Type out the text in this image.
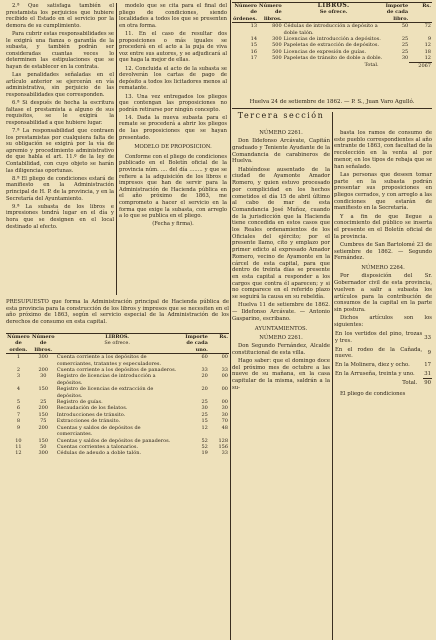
2.ª Que satisfaga también el prestamista los perjuicios que hubiere recibido el Estado en el servicio por la demora de su cumplimiento.

Para cubrir estas responsabilidades se le exigirá una fianza o garantía de la subasta, y también podrán ser consideradas cuantas veces lo determinen las estipulaciones que se hayan de establecer en la contrata.

Las penalidades señaladas en el artículo anterior se ejercerán en vía administrativa, sin perjuicio de las responsabilidades que corresponden.

6.ª Si después de hecha la escritura faltase el prestamista a alguno de sus requisitos, se le exigirá la responsabilidad a que hubiere lugar.

7.ª La responsabilidad que contraen los prestamistas por cualquiera falta de su obligación se exigirá por la vía de apremio y procedimiento administrativo de que habla el art. 11.º de la ley de Contabilidad, con cuyo objeto se harán las diligencias oportunas.

8.ª El pliego de condiciones estará de manifiesto en la Administración principal de H. P. de la provincia, y en la Secretaría del Ayuntamiento.

9.ª La subasta de los libros e impresiones tendrá lugar en el día y hora que se designen en el local destinado al efecto.

modelo que se cita para el final del pliego de condiciones, siendo localidades a todos los que se presenten en otra forma.

11. En el caso de resultar dos proposiciones o más iguales se procederá en el acto a la puja de viva voz entre sus autores, y se adjudicará al que haga la mejor de ellas.

12. Concluida el acto de la subasta se devolverán los cartas de pago de depósito a todos los licitadores menos al rematante.

13. Una vez entregados los pliegos que contengan las proposiciones no podrán retirarse por ningún concepto.

14. Dada la nueva subasta para el remate se procederá a abrir los pliegos de las proposiciones que se hayan presentado.

MODELO DE PROPOSICION.

Conforme con el pliego de condiciones publicado en el Boletín oficial de la provincia núm. .... del día ........ y que se refiere a la adquisición de los libros e impresos que han de servir para la Administración de Hacienda pública en el año próximo de 1863, me comprometo a hacer el servicio en la forma que exige la subasta, con arreglo a lo que se publica en el pliego.

(Fecha y firma).

PRESUPUESTO que forma la Administración principal de Hacienda pública de esta provincia para la construcción de los libros y impresos que se necesiten en el año próximo de 1863, según el servicio especial de la Administración de los derechos de consumo en esta capital.
Número de orden.	Número de libros.	LIBROS.
Se ofrece.	Importe de cada uno.	Rs.
1	300	Cuenta corriente a los depósitos de comerciantes, tratantes y especuladores.	60	00
2	200	Cuenta corriente a los depósitos de panaderos.	33	33
3	30	Registro de licencias de introducción a depósitos.	20	00
4	150	Registro de licencias de extracción de depósitos.	20	00
5	25	Registro de guías.	25	00
6	200	Recaudación de los fielatos.	30	30
7	150	Introducciones de tránsito.	25	30
8	75	Extracciones de tránsito.	15	70
9	200	Cuentas y saldos de depósitos de comerciantes.	12	48
10	150	Cuentas y saldos de depósitos de panaderos.	52	128
11	50	Cuentas corrientes a talonarios.	52	156
12	300	Cédulas de adeudo a doble talón.	19	33
Número de órdenes.	Número de libros.	LIBROS.
Se ofrece.	Importe de cada libro.	Rs.
13	800	Cédulas de introducción a depósito a doble talón.	50	72
14	300	Licencias de introducción a depósitos.	25	9
15	500	Papeletas de extracción de depósitos.	25	12
16	500	Licencias de expresión de guías.	25	18
17	500	Papeletas de tránsito de doble a doble.	30	12
		Total.		2067
Huelva 24 de setiembre de 1862. — P. S., Juan Varo Agulló.
Tercera sección

NÚMERO 2261.

Don Ildefonso Arcávate, Capitán graduado y Teniente Ayudante de la Comandancia de carabineros de Huelva.

Habiéndose ausentado de la ciudad de Ayamonte Amador Romero, y quien estuvo procesado por complicidad en los hechos cometidos el día 15 de abril último al cabo de mar de esta Comandancia José Muñoz, cuando de la jurisdicción que la Hacienda tiene concedida en estos casos que los Reales ordenamientos de los Oficiales del ejército; por el presente llamo, cito y emplazo por primer edicto al expresado Amador Romero, vecino de Ayamonte en la cárcel de esta capital, para que dentro de treinta días se presente en esta capital a responder a los cargos que contra él aparecen; y si no comparece en el referido plazo se seguirá la causa en su rebeldía.

Huelva 11 de setiembre de 1862. — Ildefonso Arcávate. — Antonio Gasparino, escribano.

AYUNTAMIENTOS.

NÚMERO 2261.

Don Segundo Fernández, Alcalde constitucional de esta villa.

Hago saber: que el domingo doce del próximo mes de octubre a las nueve de su mañana, en la casa capitular de la misma, saldrán a la su-

basta los ramos de consumo de este pueblo correspondientes al año entrante de 1863, con facultad de la recolección en la venta al por menor, en los tipos de rebaja que se han señalado.

Las personas que deseen tomar parte en la subasta podrán presentar sus proposiciones en pliegos cerrados, y con arreglo a las condiciones que estarán de manifiesto en la Secretaría.

Y a fin de que llegue a conocimiento del público se inserta el presente en el Boletín oficial de la provincia.

Cumbres de San Bartolomé 23 de setiembre de 1862. — Segundo Fernández.

NÚMERO 2264.

Por disposición del Sr. Gobernador civil de esta provincia, vuelven a salir a subasta los artículos para la contribución de consumos de la capital en la parte sin postura.

Dichos artículos son los siguientes:

En los vertidos del pino, trozas y tres.	33
En el rodeo de la Cañada, nueve.	9
En la Molinera, diez y ocho.	17
En la Arruseña, treinta y uno.	31
Total.	90

El pliego de condiciones
